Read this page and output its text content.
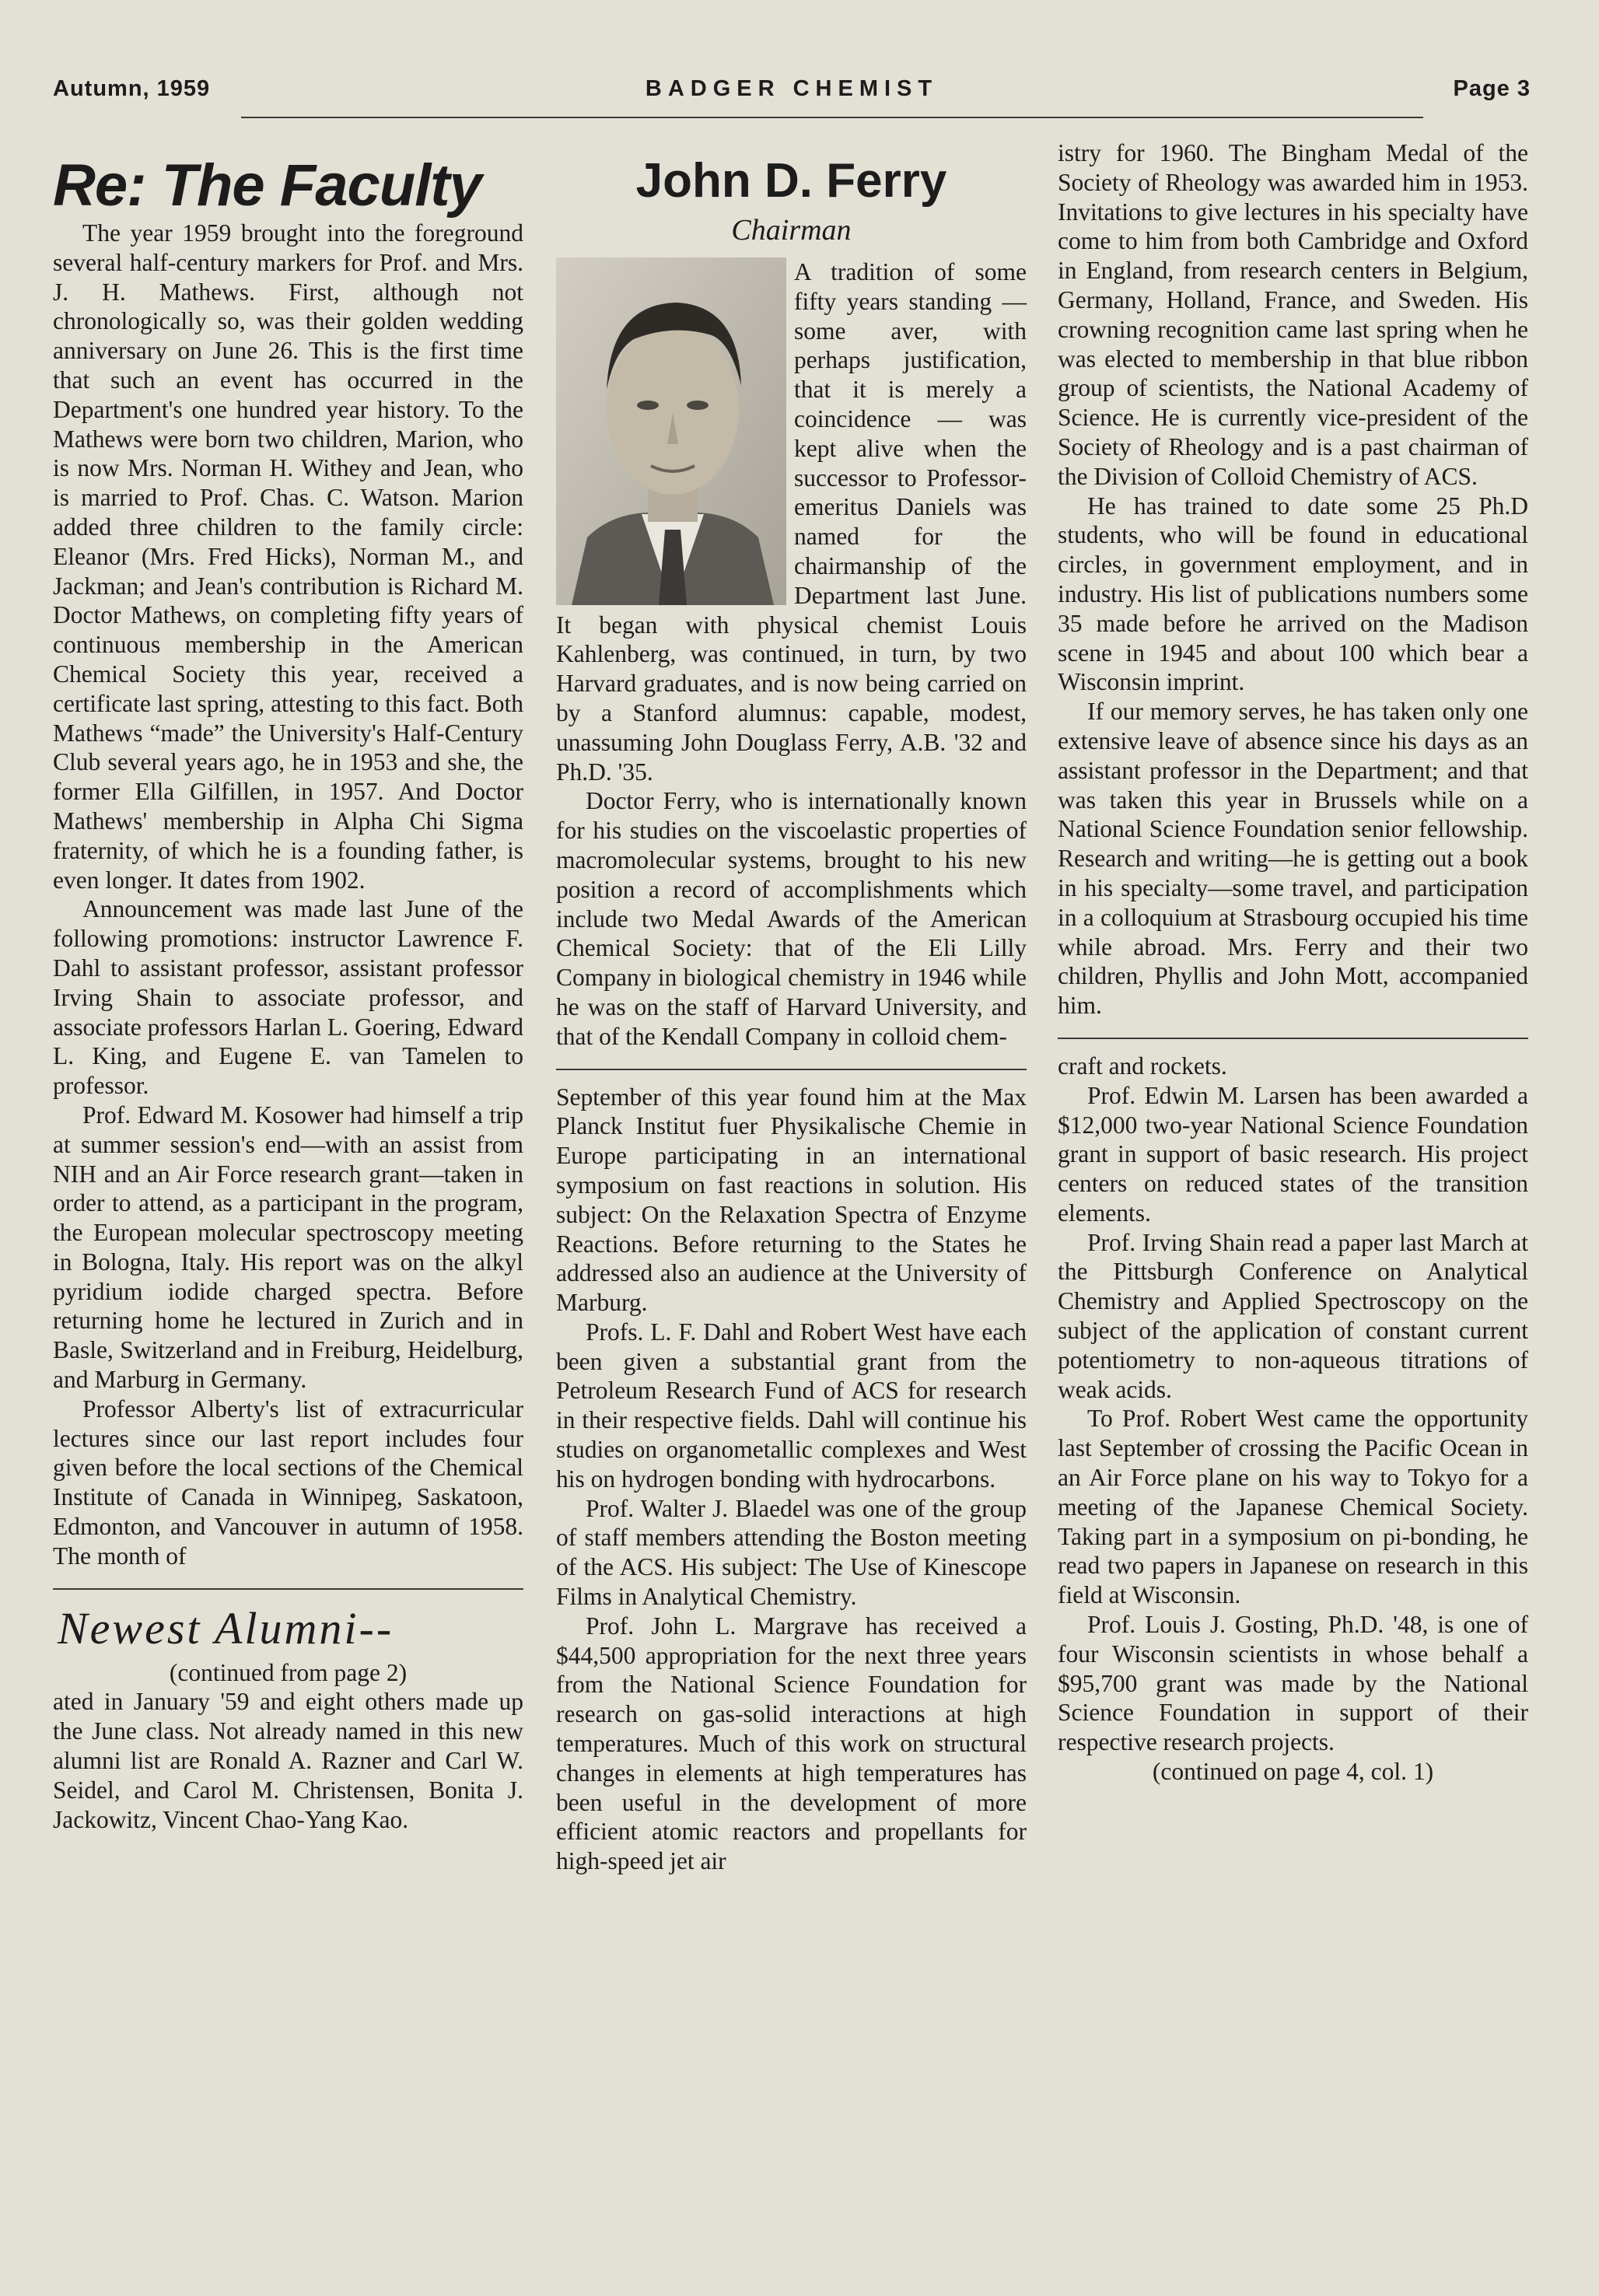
Autumn, 1959	BADGER CHEMIST	Page 3
Re: The Faculty

The year 1959 brought into the foreground several half-century markers for Prof. and Mrs. J. H. Mathews. First, although not chronologically so, was their golden wedding anniversary on June 26. This is the first time that such an event has occurred in the Department's one hundred year history. To the Mathews were born two children, Marion, who is now Mrs. Norman H. Withey and Jean, who is married to Prof. Chas. C. Watson. Marion added three children to the family circle: Eleanor (Mrs. Fred Hicks), Norman M., and Jackman; and Jean's contribution is Richard M. Doctor Mathews, on completing fifty years of continuous membership in the American Chemical Society this year, received a certificate last spring, attesting to this fact. Both Mathews “made” the University's Half-Century Club several years ago, he in 1953 and she, the former Ella Gilfillen, in 1957. And Doctor Mathews' membership in Alpha Chi Sigma fraternity, of which he is a founding father, is even longer. It dates from 1902.

Announcement was made last June of the following promotions: instructor Lawrence F. Dahl to assistant professor, assistant professor Irving Shain to associate professor, and associate professors Harlan L. Goering, Edward L. King, and Eugene E. van Tamelen to professor.

Prof. Edward M. Kosower had himself a trip at summer session's end—with an assist from NIH and an Air Force research grant—taken in order to attend, as a participant in the program, the European molecular spectroscopy meeting in Bologna, Italy. His report was on the alkyl pyridium iodide charged spectra. Before returning home he lectured in Zurich and in Basle, Switzerland and in Freiburg, Heidelburg, and Marburg in Germany.

Professor Alberty's list of extracurricular lectures since our last report includes four given before the local sections of the Chemical Institute of Canada in Winnipeg, Saskatoon, Edmonton, and Vancouver in autumn of 1958. The month of

Newest Alumni--

(continued from page 2)

ated in January '59 and eight others made up the June class. Not already named in this new alumni list are Ronald A. Razner and Carl W. Seidel, and Carol M. Christensen, Bonita J. Jackowitz, Vincent Chao-Yang Kao.

John D. Ferry
Chairman

A tradition of some fifty years standing — some aver, with perhaps justification, that it is merely a coincidence — was kept alive when the successor to Professor-emeritus Daniels was named for the chairmanship of the Department last June. It began with physical chemist Louis Kahlenberg, was continued, in turn, by two Harvard graduates, and is now being carried on by a Stanford alumnus: capable, modest, unassuming John Douglass Ferry, A.B. '32 and Ph.D. '35.

Doctor Ferry, who is internationally known for his studies on the viscoelastic properties of macromolecular systems, brought to his new position a record of accomplishments which include two Medal Awards of the American Chemical Society: that of the Eli Lilly Company in biological chemistry in 1946 while he was on the staff of Harvard University, and that of the Kendall Company in colloid chem-

September of this year found him at the Max Planck Institut fuer Physikalische Chemie in Europe participating in an international symposium on fast reactions in solution. His subject: On the Relaxation Spectra of Enzyme Reactions. Before returning to the States he addressed also an audience at the University of Marburg.

Profs. L. F. Dahl and Robert West have each been given a substantial grant from the Petroleum Research Fund of ACS for research in their respective fields. Dahl will continue his studies on organometallic complexes and West his on hydrogen bonding with hydrocarbons.

Prof. Walter J. Blaedel was one of the group of staff members attending the Boston meeting of the ACS. His subject: The Use of Kinescope Films in Analytical Chemistry.

Prof. John L. Margrave has received a $44,500 appropriation for the next three years from the National Science Foundation for research on gas-solid interactions at high temperatures. Much of this work on structural changes in elements at high temperatures has been useful in the development of more efficient atomic reactors and propellants for high-speed jet air

istry for 1960. The Bingham Medal of the Society of Rheology was awarded him in 1953. Invitations to give lectures in his specialty have come to him from both Cambridge and Oxford in England, from research centers in Belgium, Germany, Holland, France, and Sweden. His crowning recognition came last spring when he was elected to membership in that blue ribbon group of scientists, the National Academy of Science. He is currently vice-president of the Society of Rheology and is a past chairman of the Division of Colloid Chemistry of ACS.

He has trained to date some 25 Ph.D students, who will be found in educational circles, in government employment, and in industry. His list of publications numbers some 35 made before he arrived on the Madison scene in 1945 and about 100 which bear a Wisconsin imprint.

If our memory serves, he has taken only one extensive leave of absence since his days as an assistant professor in the Department; and that was taken this year in Brussels while on a National Science Foundation senior fellowship. Research and writing—he is getting out a book in his specialty—some travel, and participation in a colloquium at Strasbourg occupied his time while abroad. Mrs. Ferry and their two children, Phyllis and John Mott, accompanied him.

craft and rockets.

Prof. Edwin M. Larsen has been awarded a $12,000 two-year National Science Foundation grant in support of basic research. His project centers on reduced states of the transition elements.

Prof. Irving Shain read a paper last March at the Pittsburgh Conference on Analytical Chemistry and Applied Spectroscopy on the subject of the application of constant current potentiometry to non-aqueous titrations of weak acids.

To Prof. Robert West came the opportunity last September of crossing the Pacific Ocean in an Air Force plane on his way to Tokyo for a meeting of the Japanese Chemical Society. Taking part in a symposium on pi-bonding, he read two papers in Japanese on research in this field at Wisconsin.

Prof. Louis J. Gosting, Ph.D. '48, is one of four Wisconsin scientists in whose behalf a $95,700 grant was made by the National Science Foundation in support of their respective research projects.

(continued on page 4, col. 1)
